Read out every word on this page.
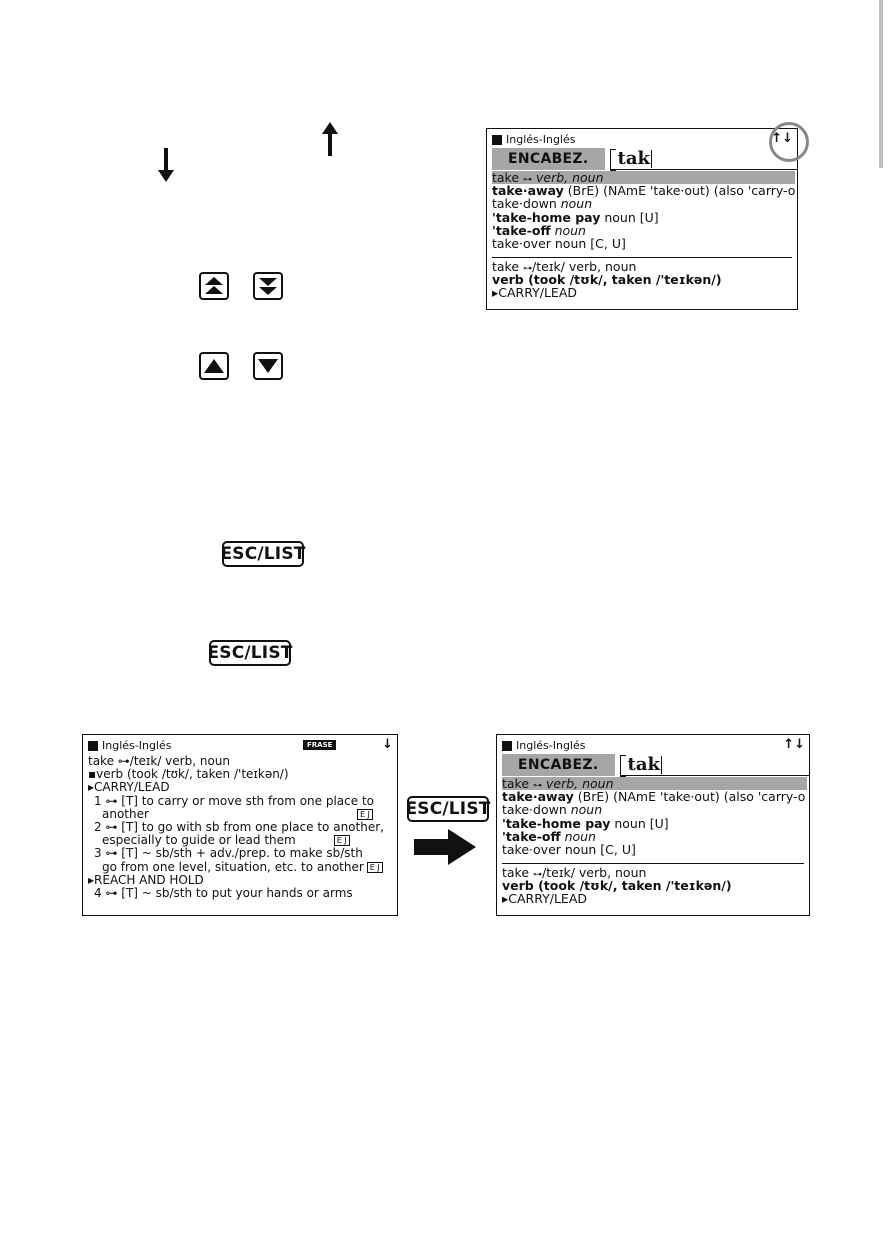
ESC/LIST
ESC/LIST
Inglés-Inglés	↑↓
ENCABEZ.	tak
take ⊶ verb, noun
take·away (BrE) (NAmE 'take·out) (also 'carry-o
take·down noun
'take-home pay noun [U]
'take-off noun
take·over noun [C, U]
take ⊶/teɪk/ verb, noun
verb (took /tʊk/, taken /'teɪkən/)
▸CARRY/LEAD
Inglés-Inglés	FRASE	↓
take ⊶/teɪk/ verb, noun
▪verb (took /tʊk/, taken /'teɪkən/)
▸CARRY/LEAD
1 ⊶ [T] to carry or move sth from one place to
another	E J
2 ⊶ [T] to go with sb from one place to another,
especially to guide or lead them	E J
3 ⊶ [T] ~ sb/sth + adv./prep. to make sb/sth
go from one level, situation, etc. to another E J
▸REACH AND HOLD
4 ⊶ [T] ~ sb/sth to put your hands or arms
ESC/LIST
Inglés-Inglés	↑↓
ENCABEZ.	tak
take ⊶ verb, noun
take·away (BrE) (NAmE 'take·out) (also 'carry-o
take·down noun
'take-home pay noun [U]
'take-off noun
take·over noun [C, U]
take ⊶/teɪk/ verb, noun
verb (took /tʊk/, taken /'teɪkən/)
▸CARRY/LEAD
